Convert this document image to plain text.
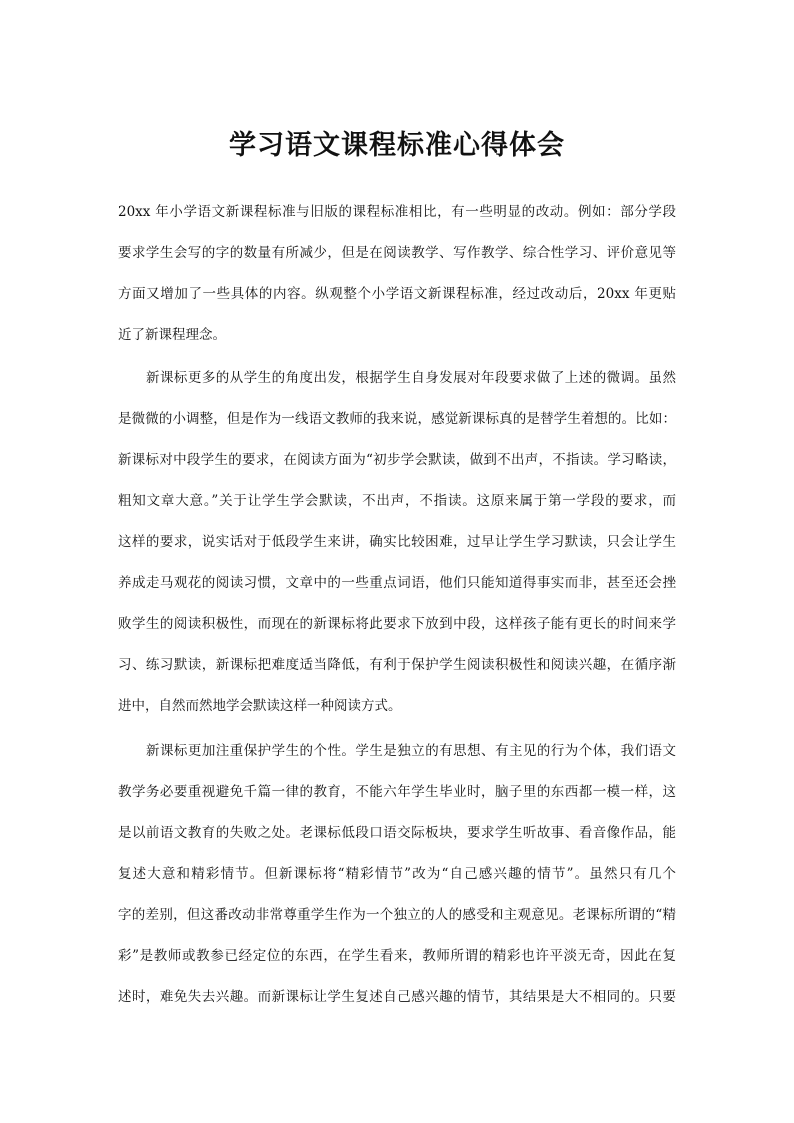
学习语文课程标准心得体会
20xx 年小学语文新课程标准与旧版的课程标准相比，有一些明显的改动。例如：部分学段
要求学生会写的字的数量有所减少，但是在阅读教学、写作教学、综合性学习、评价意见等
方面又增加了一些具体的内容。纵观整个小学语文新课程标准，经过改动后，20xx 年更贴
近了新课程理念。
新课标更多的从学生的角度出发，根据学生自身发展对年段要求做了上述的微调。虽然
是微微的小调整，但是作为一线语文教师的我来说，感觉新课标真的是替学生着想的。比如：
新课标对中段学生的要求，在阅读方面为“初步学会默读，做到不出声，不指读。学习略读，
粗知文章大意。”关于让学生学会默读，不出声，不指读。这原来属于第一学段的要求，而
这样的要求，说实话对于低段学生来讲，确实比较困难，过早让学生学习默读，只会让学生
养成走马观花的阅读习惯，文章中的一些重点词语，他们只能知道得事实而非，甚至还会挫
败学生的阅读积极性，而现在的新课标将此要求下放到中段，这样孩子能有更长的时间来学
习、练习默读，新课标把难度适当降低，有利于保护学生阅读积极性和阅读兴趣，在循序渐
进中，自然而然地学会默读这样一种阅读方式。
新课标更加注重保护学生的个性。学生是独立的有思想、有主见的行为个体，我们语文
教学务必要重视避免千篇一律的教育，不能六年学生毕业时，脑子里的东西都一模一样，这
是以前语文教育的失败之处。老课标低段口语交际板块，要求学生听故事、看音像作品，能
复述大意和精彩情节。但新课标将“精彩情节”改为“自己感兴趣的情节”。虽然只有几个
字的差别，但这番改动非常尊重学生作为一个独立的人的感受和主观意见。老课标所谓的“精
彩”是教师或教参已经定位的东西，在学生看来，教师所谓的精彩也许平淡无奇，因此在复
述时，难免失去兴趣。而新课标让学生复述自己感兴趣的情节，其结果是大不相同的。只要
